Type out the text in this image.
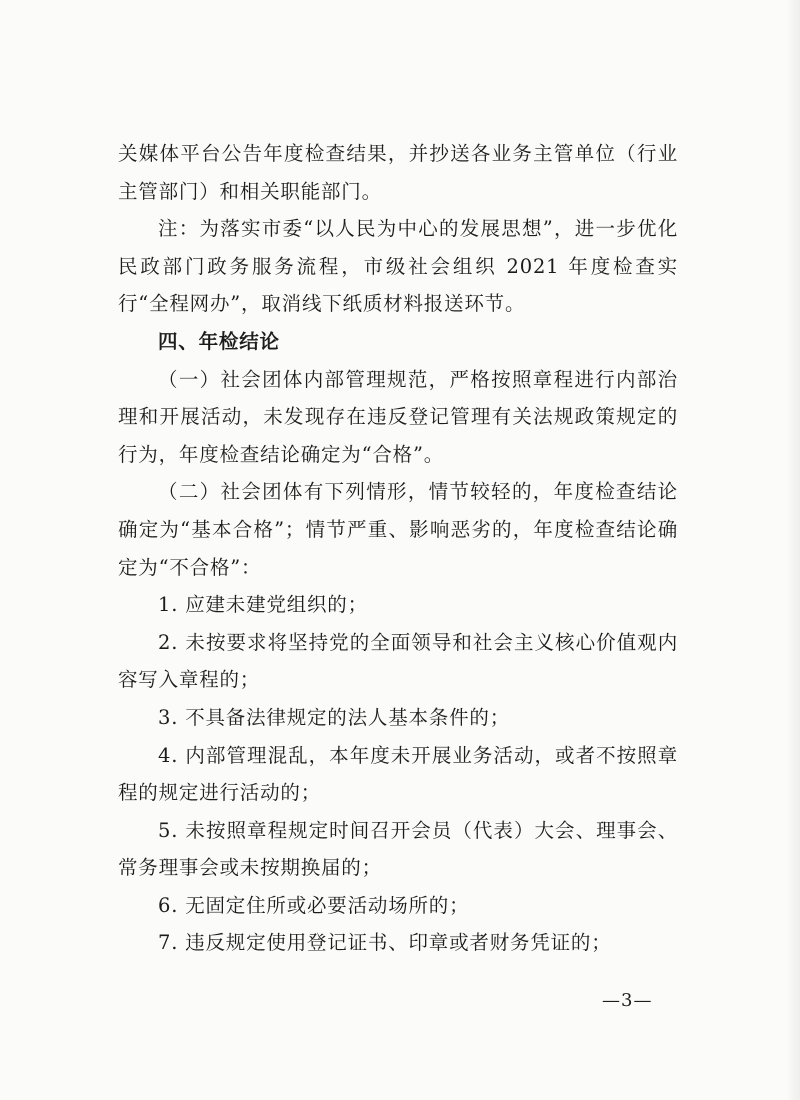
关媒体平台公告年度检查结果，并抄送各业务主管单位（行业主管部门）和相关职能部门。

注：为落实市委“以人民为中心的发展思想”，进一步优化民政部门政务服务流程，市级社会组织 2021 年度检查实行“全程网办”，取消线下纸质材料报送环节。

四、年检结论

（一）社会团体内部管理规范，严格按照章程进行内部治理和开展活动，未发现存在违反登记管理有关法规政策规定的行为，年度检查结论确定为“合格”。

（二）社会团体有下列情形，情节较轻的，年度检查结论确定为“基本合格”；情节严重、影响恶劣的，年度检查结论确定为“不合格”：

1. 应建未建党组织的；

2. 未按要求将坚持党的全面领导和社会主义核心价值观内容写入章程的；

3. 不具备法律规定的法人基本条件的；

4. 内部管理混乱，本年度未开展业务活动，或者不按照章程的规定进行活动的；

5. 未按照章程规定时间召开会员（代表）大会、理事会、常务理事会或未按期换届的；

6. 无固定住所或必要活动场所的；

7. 违反规定使用登记证书、印章或者财务凭证的；

—3—
